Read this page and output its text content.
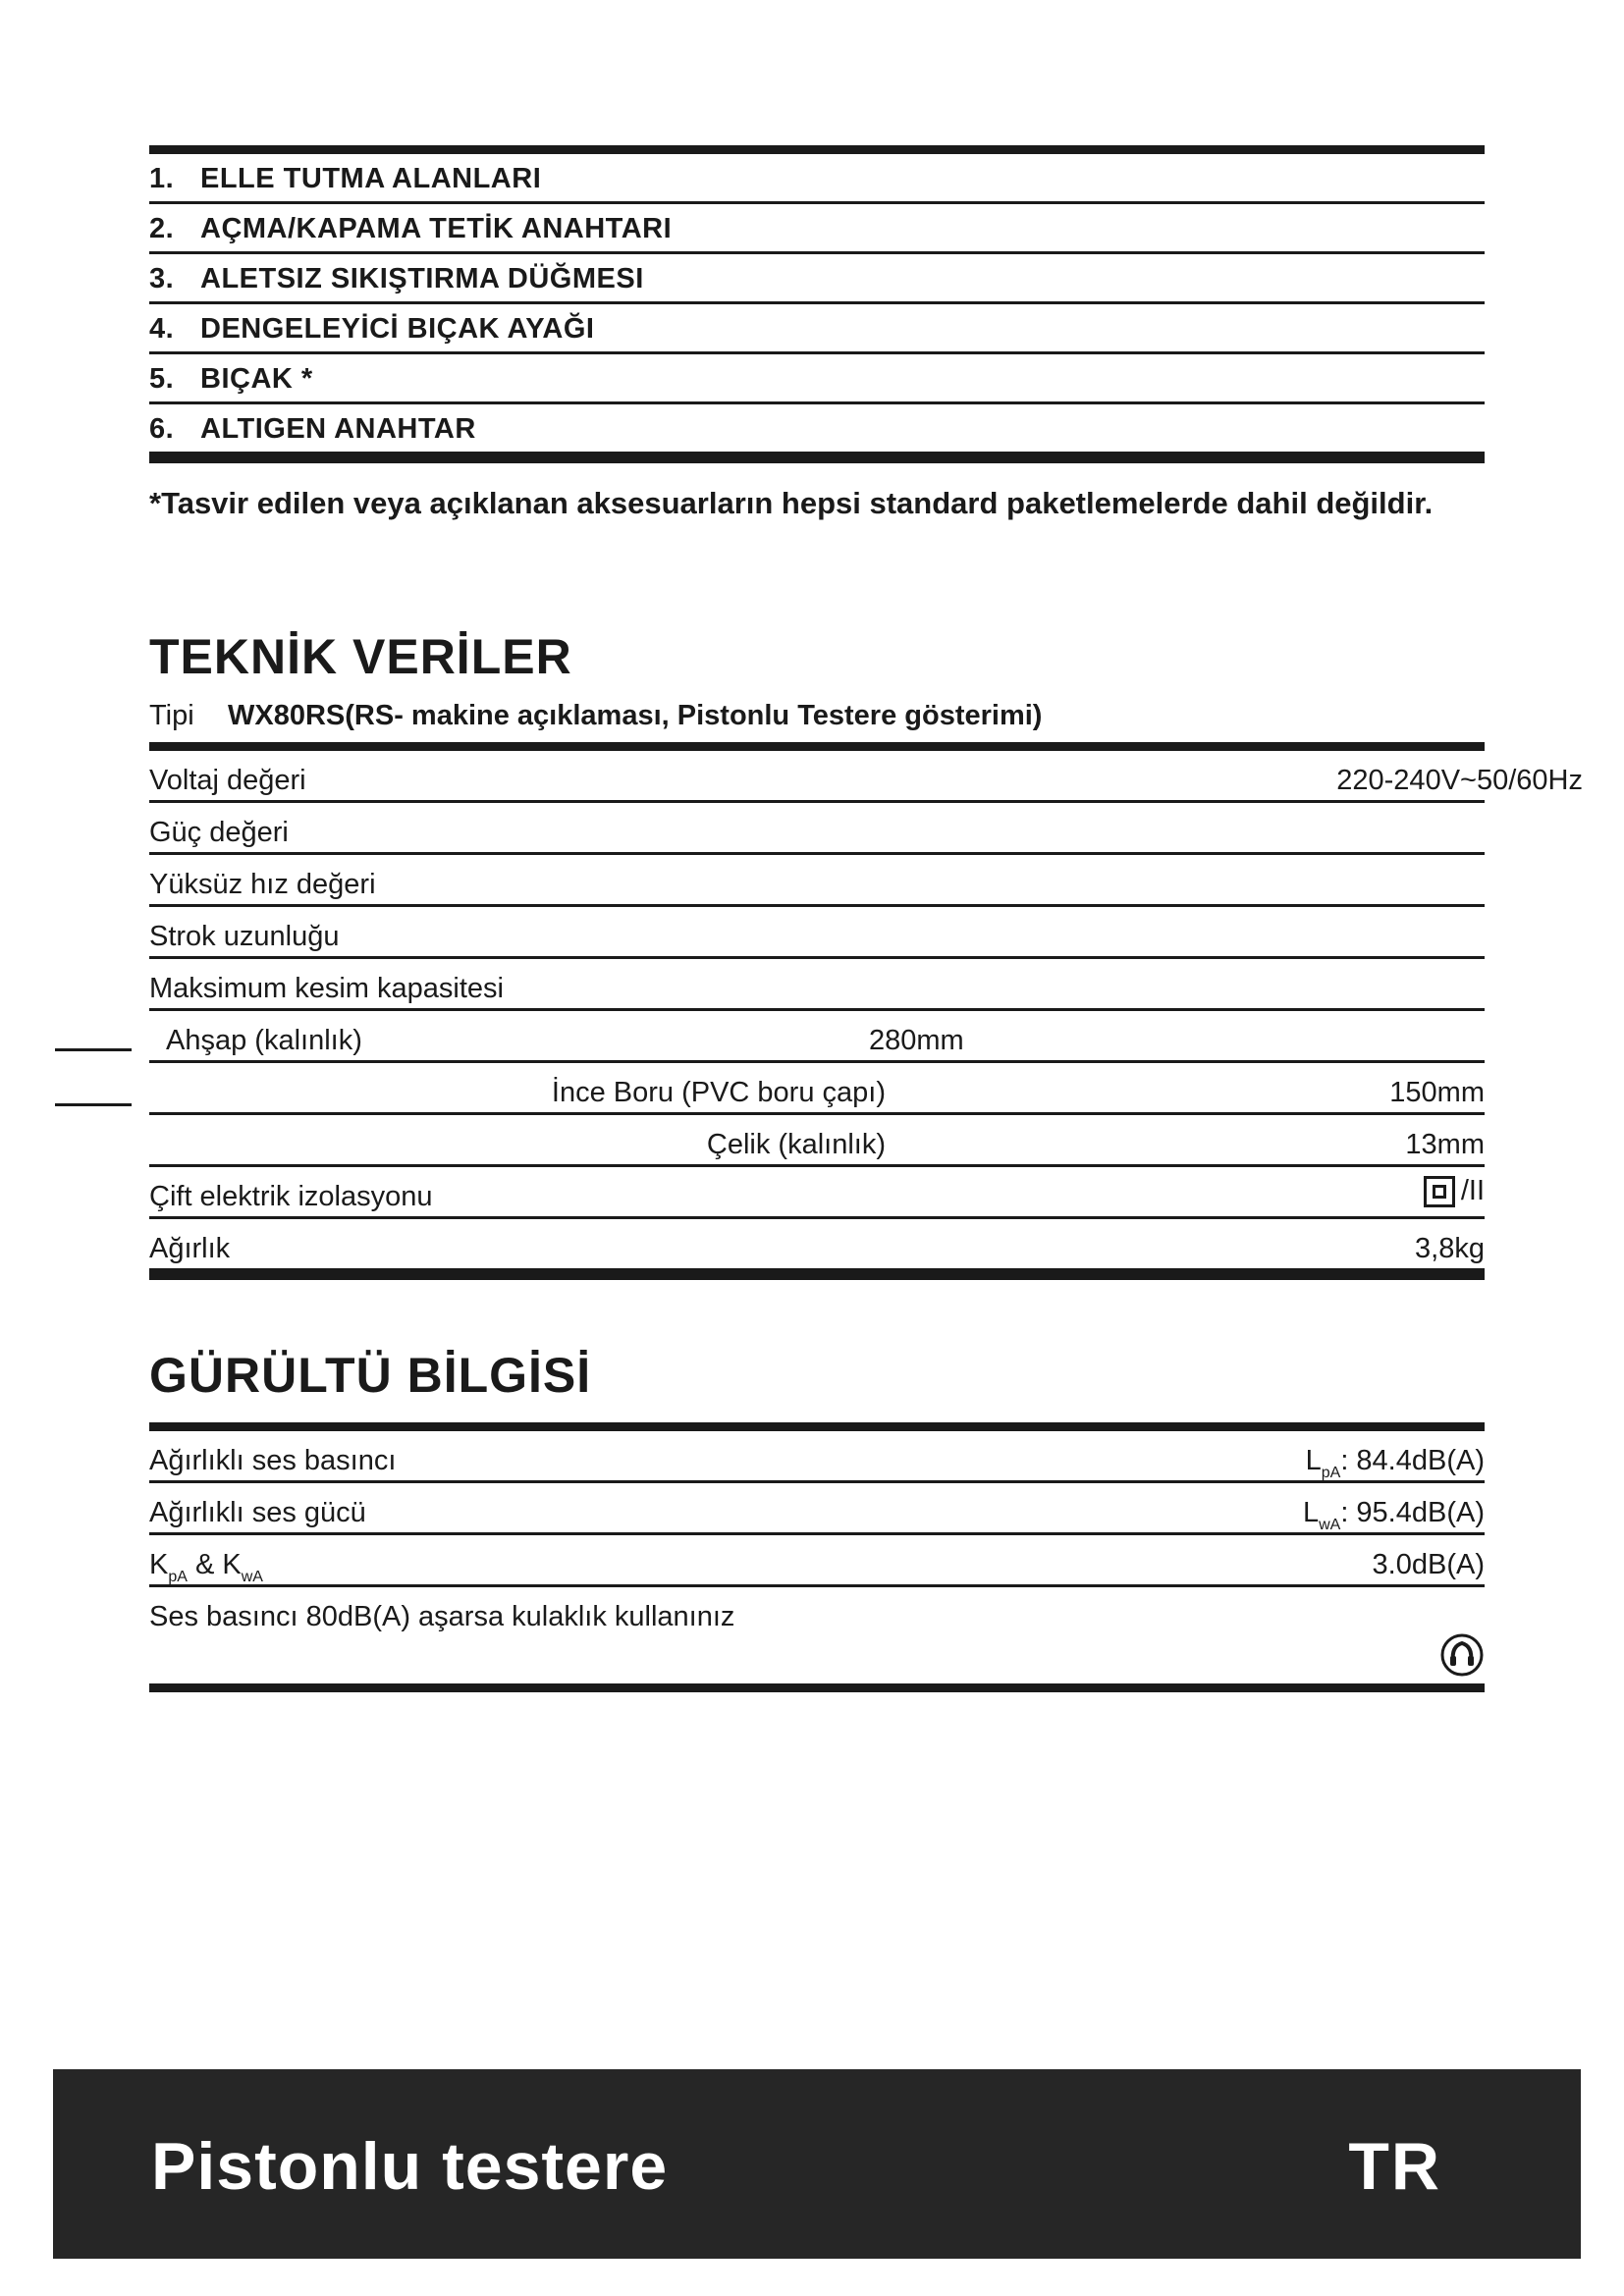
1. ELLE TUTMA ALANLARI
2. AÇMA/KAPAMA TETİK ANAHTARI
3. ALETSIZ SIKIŞTIRMA DÜĞMESI
4. DENGELEYİCİ BIÇAK AYAĞI
5. BIÇAK *
6. ALTIGEN ANAHTAR
*Tasvir edilen veya açıklanan aksesuarların hepsi standard paketlemelerde dahil değildir.
TEKNİK VERİLER
Tipi WX80RS(RS- makine açıklaması, Pistonlu Testere gösterimi)
Voltaj değeri	220-240V~50/60Hz
Güç değeri
Yüksüz hız değeri
Strok uzunluğu
Maksimum kesim kapasitesi
Ahşap (kalınlık)	280mm
İnce Boru (PVC boru çapı)	150mm
Çelik (kalınlık)	13mm
Çift elektrik izolasyonu	/II
Ağırlık	3,8kg
GÜRÜLTÜ BİLGİSİ
Ağırlıklı ses basıncı	$L_{pA}$: 84.4dB(A)
Ağırlıklı ses gücü	$L_{wA}$: 95.4dB(A)
$K_{pA}$ & $K_{wA}$	3.0dB(A)
Ses basıncı 80dB(A) aşarsa kulaklık kullanınız
Pistonlu testere	TR
